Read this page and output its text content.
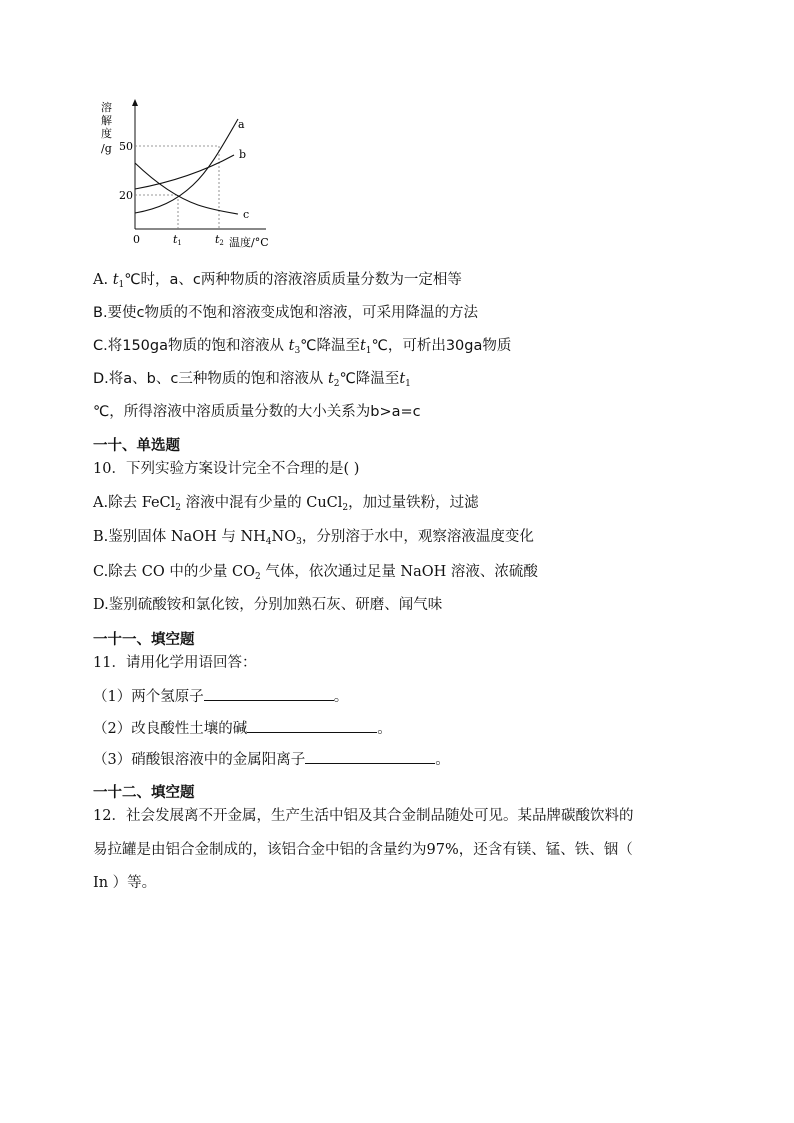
溶
解
度
/g
a
b
c
50
20
0	t1	t2 温度/°C
A. $t_1℃$时，a、c两种物质的溶液溶质质量分数为一定相等
B.要使c物质的不饱和溶液变成饱和溶液，可采用降温的方法
C.将150ga物质的饱和溶液从 $t_3℃$降温至$t_1℃$，可析出30ga物质
D.将a、b、c三种物质的饱和溶液从 $t_2℃$降温至$t_1$
℃，所得溶液中溶质质量分数的大小关系为b>a=c
一十、单选题
10．下列实验方案设计完全不合理的是( )
A.除去 FeCl$_2$ 溶液中混有少量的 CuCl$_2$，加过量铁粉，过滤
B.鉴别固体 NaOH 与 $NH_4NO_3$，分别溶于水中，观察溶液温度变化
C.除去 CO 中的少量 $CO_2$ 气体，依次通过足量 NaOH 溶液、浓硫酸
D.鉴别硫酸铵和氯化铵，分别加熟石灰、研磨、闻气味
一十一、填空题
11．请用化学用语回答：
（1）两个氢原子	。
（2）改良酸性土壤的碱	。
（3）硝酸银溶液中的金属阳离子	。
一十二、填空题
12．社会发展离不开金属，生产生活中铝及其合金制品随处可见。某品牌碳酸饮料的
易拉罐是由铝合金制成的，该铝合金中铝的含量约为97%，还含有镁、锰、铁、铟（
In ）等。
